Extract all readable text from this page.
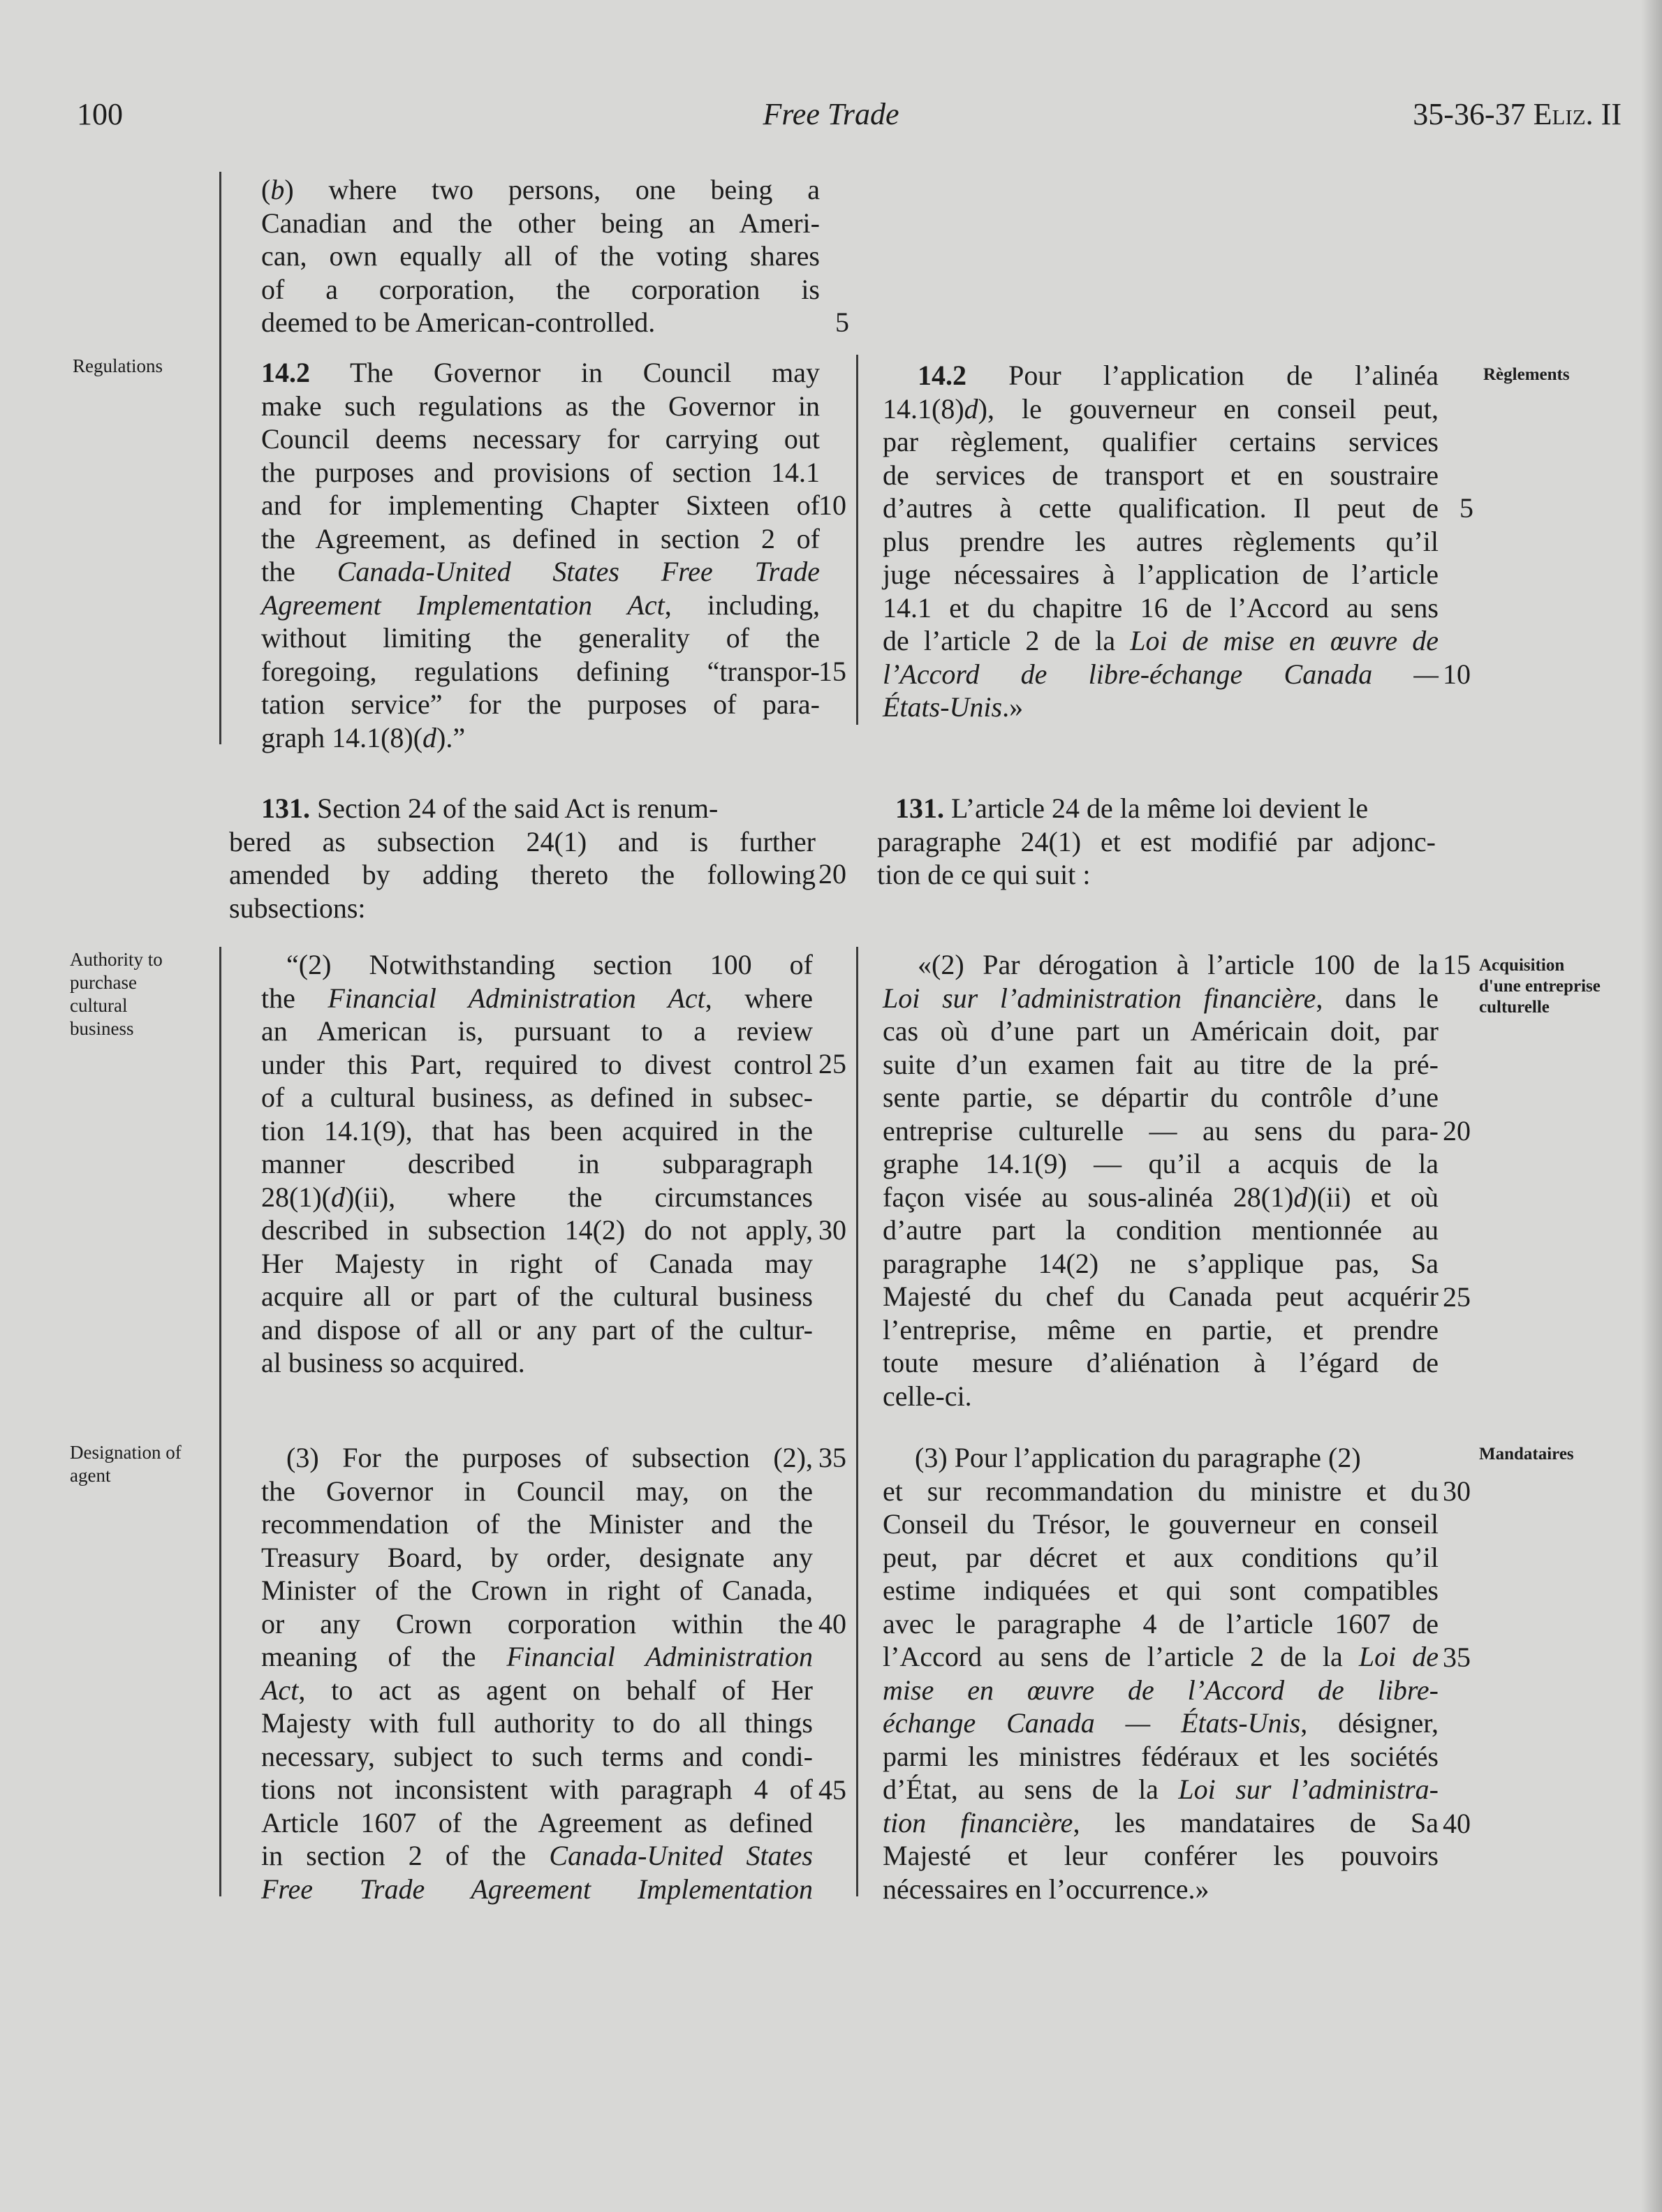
100	Free Trade	35-36-37 Eliz. II
Regulations
Authority to
purchase
cultural
business
Designation of
agent
Règlements
Acquisition
d'une entreprise
culturelle
Mandataires
(b) where two persons, one being a
Canadian and the other being an Ameri-
can, own equally all of the voting shares
of a corporation, the corporation is
deemed to be American-controlled.
14.2 The Governor in Council may
make such regulations as the Governor in
Council deems necessary for carrying out
the purposes and provisions of section 14.1
and for implementing Chapter Sixteen of
the Agreement, as defined in section 2 of
the Canada-United States Free Trade
Agreement Implementation Act, including,
without limiting the generality of the
foregoing, regulations defining “transpor-
tation service” for the purposes of para-
graph 14.1(8)(d).”
131. Section 24 of the said Act is renum-
bered as subsection 24(1) and is further
amended by adding thereto the following
subsections:
“(2) Notwithstanding section 100 of
the Financial Administration Act, where
an American is, pursuant to a review
under this Part, required to divest control
of a cultural business, as defined in subsec-
tion 14.1(9), that has been acquired in the
manner described in subparagraph
28(1)(d)(ii), where the circumstances
described in subsection 14(2) do not apply,
Her Majesty in right of Canada may
acquire all or part of the cultural business
and dispose of all or any part of the cultur-
al business so acquired.
(3) For the purposes of subsection (2),
the Governor in Council may, on the
recommendation of the Minister and the
Treasury Board, by order, designate any
Minister of the Crown in right of Canada,
or any Crown corporation within the
meaning of the Financial Administration
Act, to act as agent on behalf of Her
Majesty with full authority to do all things
necessary, subject to such terms and condi-
tions not inconsistent with paragraph 4 of
Article 1607 of the Agreement as defined
in section 2 of the Canada-United States
Free Trade Agreement Implementation
5
10
15
20
25
30
35
40
45
14.2 Pour l’application de l’alinéa
14.1(8)d), le gouverneur en conseil peut,
par règlement, qualifier certains services
de services de transport et en soustraire
d’autres à cette qualification. Il peut de
plus prendre les autres règlements qu’il
juge nécessaires à l’application de l’article
14.1 et du chapitre 16 de l’Accord au sens
de l’article 2 de la Loi de mise en œuvre de
l’Accord de libre-échange Canada —
États-Unis.»
131. L’article 24 de la même loi devient le
paragraphe 24(1) et est modifié par adjonc-
tion de ce qui suit :
«(2) Par dérogation à l’article 100 de la
Loi sur l’administration financière, dans le
cas où d’une part un Américain doit, par
suite d’un examen fait au titre de la pré-
sente partie, se départir du contrôle d’une
entreprise culturelle — au sens du para-
graphe 14.1(9) — qu’il a acquis de la
façon visée au sous-alinéa 28(1)d)(ii) et où
d’autre part la condition mentionnée au
paragraphe 14(2) ne s’applique pas, Sa
Majesté du chef du Canada peut acquérir
l’entreprise, même en partie, et prendre
toute mesure d’aliénation à l’égard de
celle-ci.
(3) Pour l’application du paragraphe (2)
et sur recommandation du ministre et du
Conseil du Trésor, le gouverneur en conseil
peut, par décret et aux conditions qu’il
estime indiquées et qui sont compatibles
avec le paragraphe 4 de l’article 1607 de
l’Accord au sens de l’article 2 de la Loi de
mise en œuvre de l’Accord de libre-
échange Canada — États-Unis, désigner,
parmi les ministres fédéraux et les sociétés
d’État, au sens de la Loi sur l’administra-
tion financière, les mandataires de Sa
Majesté et leur conférer les pouvoirs
nécessaires en l’occurrence.»
5
10
15
20
25
30
35
40
